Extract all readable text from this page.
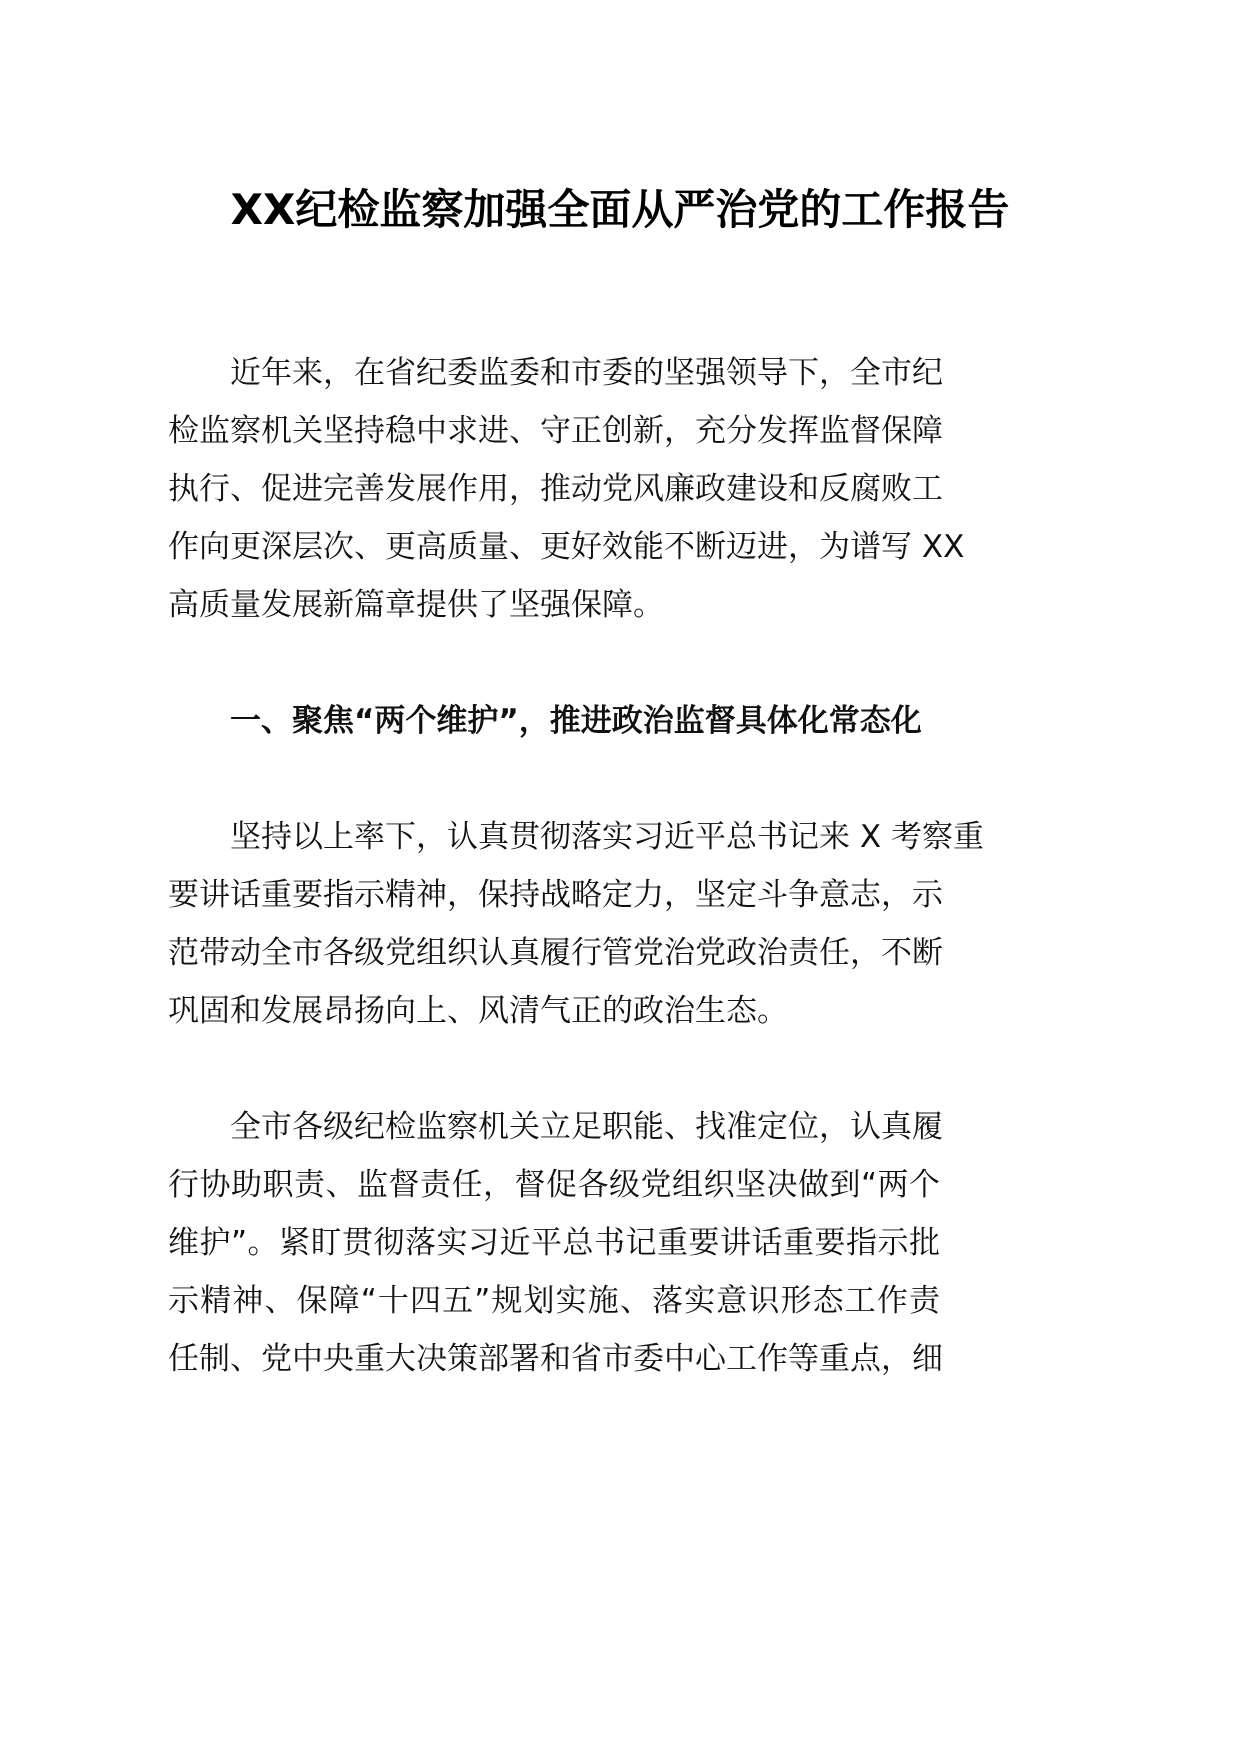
XX纪检监察加强全面从严治党的工作报告
近年来，在省纪委监委和市委的坚强领导下，全市纪
检监察机关坚持稳中求进、守正创新，充分发挥监督保障
执行、促进完善发展作用，推动党风廉政建设和反腐败工
作向更深层次、更高质量、更好效能不断迈进，为谱写 XX
高质量发展新篇章提供了坚强保障。
一、聚焦“两个维护”，推进政治监督具体化常态化
坚持以上率下，认真贯彻落实习近平总书记来 X 考察重
要讲话重要指示精神，保持战略定力，坚定斗争意志，示
范带动全市各级党组织认真履行管党治党政治责任，不断
巩固和发展昂扬向上、风清气正的政治生态。
全市各级纪检监察机关立足职能、找准定位，认真履
行协助职责、监督责任，督促各级党组织坚决做到“两个
维护”。紧盯贯彻落实习近平总书记重要讲话重要指示批
示精神、保障“十四五”规划实施、落实意识形态工作责
任制、党中央重大决策部署和省市委中心工作等重点，细
